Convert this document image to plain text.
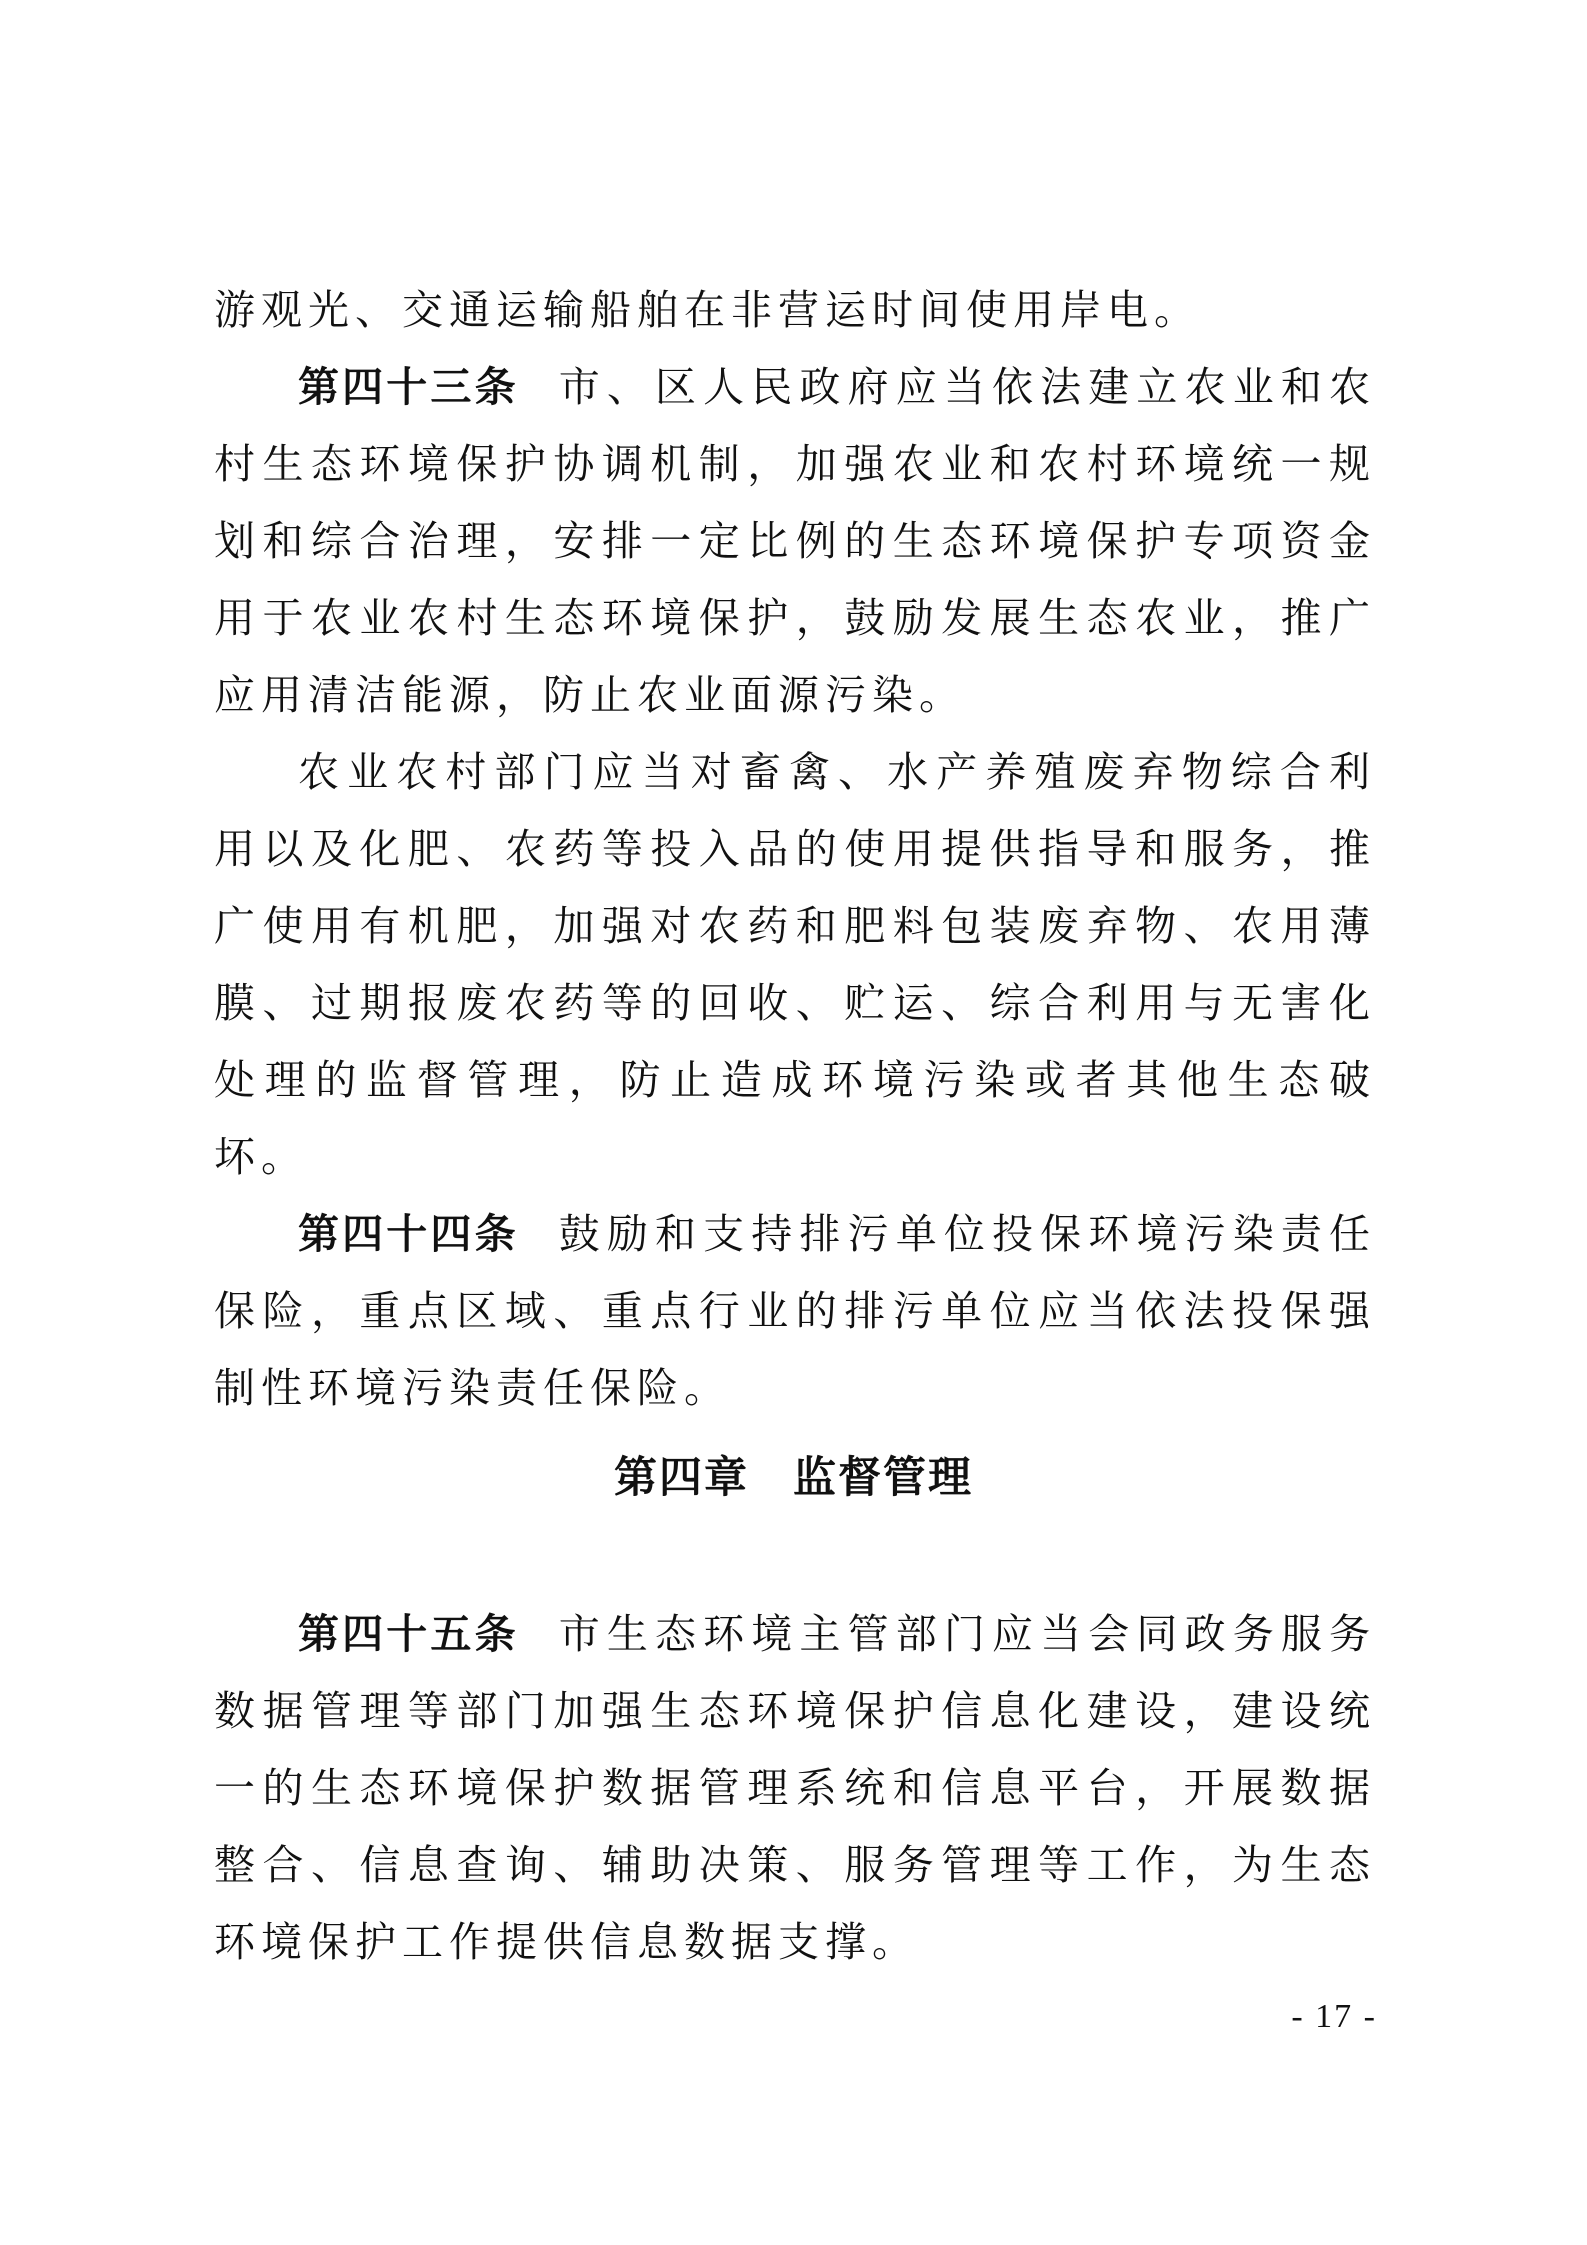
游观光、交通运输船舶在非营运时间使用岸电。

第四十三条 市、区人民政府应当依法建立农业和农村生态环境保护协调机制，加强农业和农村环境统一规划和综合治理，安排一定比例的生态环境保护专项资金用于农业农村生态环境保护，鼓励发展生态农业，推广应用清洁能源，防止农业面源污染。

农业农村部门应当对畜禽、水产养殖废弃物综合利用以及化肥、农药等投入品的使用提供指导和服务，推广使用有机肥，加强对农药和肥料包装废弃物、农用薄膜、过期报废农药等的回收、贮运、综合利用与无害化处理的监督管理，防止造成环境污染或者其他生态破坏。

第四十四条 鼓励和支持排污单位投保环境污染责任保险，重点区域、重点行业的排污单位应当依法投保强制性环境污染责任保险。

第四章 监督管理

第四十五条 市生态环境主管部门应当会同政务服务数据管理等部门加强生态环境保护信息化建设，建设统一的生态环境保护数据管理系统和信息平台，开展数据整合、信息查询、辅助决策、服务管理等工作，为生态环境保护工作提供信息数据支撑。

- 17 -
